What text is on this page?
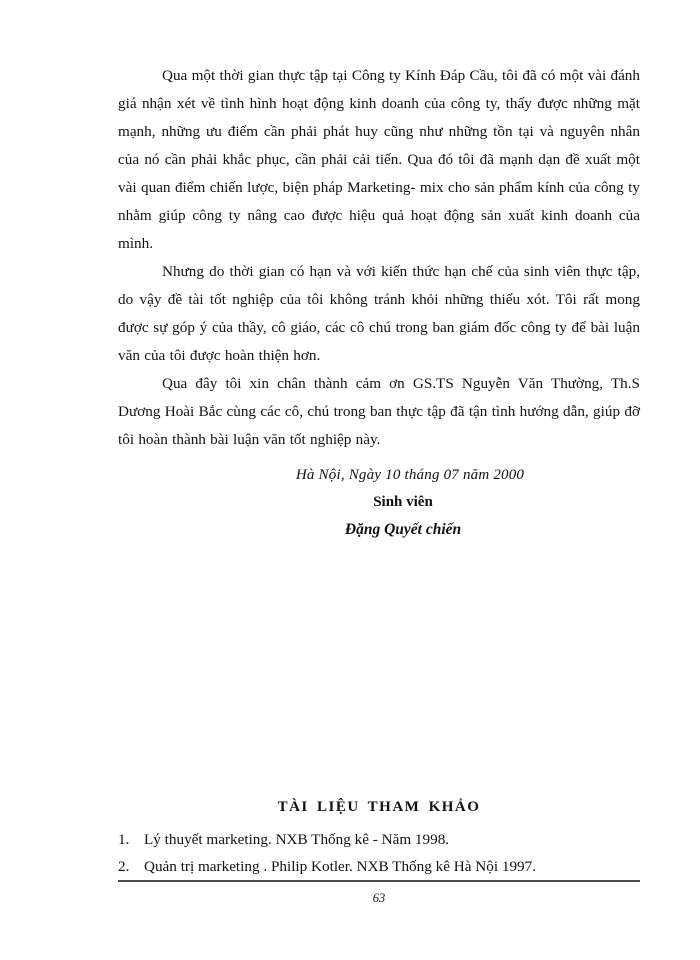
Qua một thời gian thực tập tại Công ty Kính Đáp Cầu, tôi đã có một vài đánh giá nhận xét về tình hình hoạt động kinh doanh của công ty, thấy được những mặt mạnh, những ưu điểm cần phải phát huy cũng như những tồn tại và nguyên nhân của nó cần phải khắc phục, cần phải cải tiến. Qua đó tôi đã mạnh dạn đề xuất một vài quan điểm chiến lược, biện pháp Marketing- mix cho sản phẩm kính của công ty nhằm giúp công ty nâng cao được hiệu quả hoạt động sản xuất kinh doanh của mình.

Nhưng do thời gian có hạn và với kiến thức hạn chế của sinh viên thực tập, do vậy đề tài tốt nghiệp của tôi không tránh khỏi những thiếu xót. Tôi rất mong được sự góp ý của thầy, cô giáo, các cô chú trong ban giám đốc công ty để bài luận văn của tôi được hoàn thiện hơn.

Qua đây tôi xin chân thành cảm ơn GS.TS Nguyễn Văn Thường, Th.S Dương Hoài Bắc cùng các cô, chú trong ban thực tập đã tận tình hướng dẫn, giúp đỡ tôi hoàn thành bài luận văn tốt nghiệp này.

Hà Nội, Ngày 10 tháng 07 năm 2000
Sinh viên
Đặng Quyết chiến
TÀI LIỆU THAM KHẢO
1. Lý thuyết marketing. NXB Thống kê - Năm 1998.
2. Quản trị marketing . Philip Kotler. NXB Thống kê Hà Nội 1997.
63
